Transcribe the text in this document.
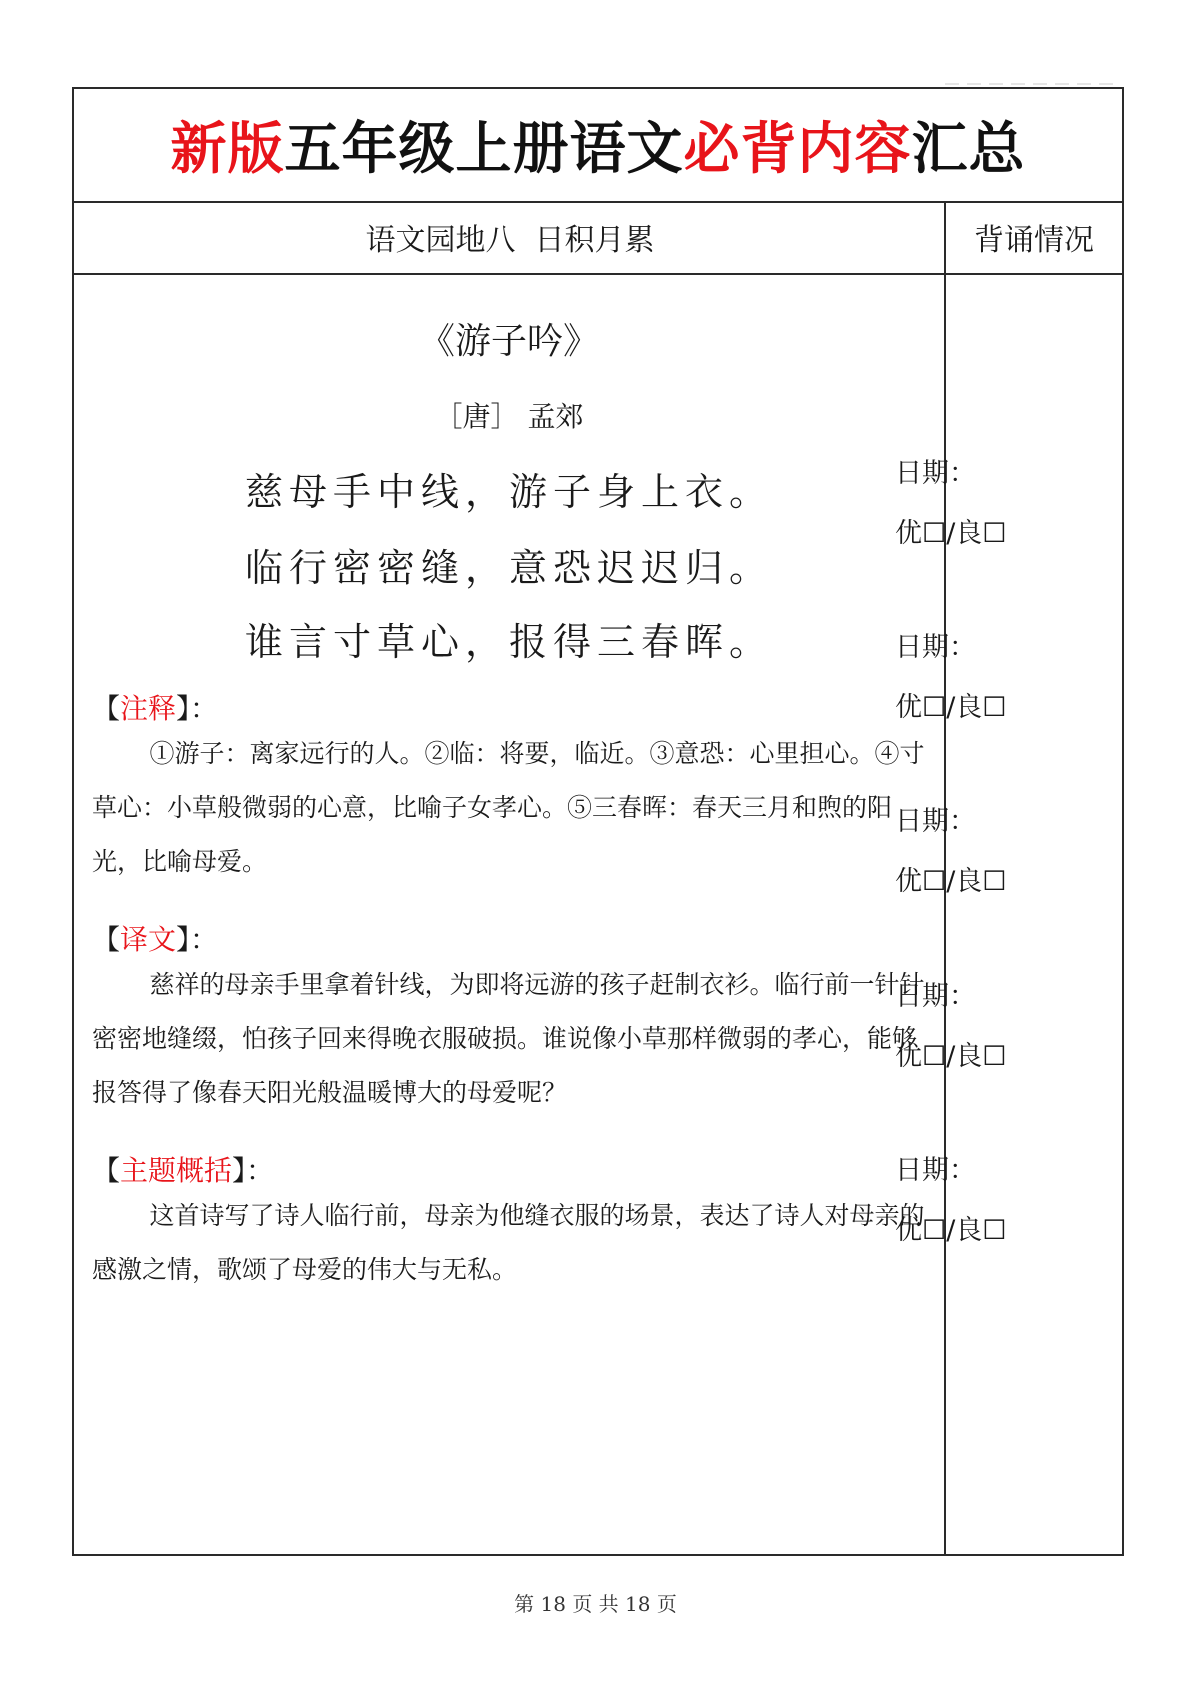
新版 五年级上册语文 必背内容 汇总
语文园地八  日积月累	背诵情况
《游子吟》
［唐］ 孟郊
慈母手中线，游子身上衣。
临行密密缝，意恐迟迟归。
谁言寸草心，报得三春晖。
【注释】：
①游子：离家远行的人。②临：将要，临近。③意恐：心里担心。④寸草心：小草般微弱的心意，比喻子女孝心。⑤三春晖：春天三月和煦的阳光，比喻母爱。
【译文】：
慈祥的母亲手里拿着针线，为即将远游的孩子赶制衣衫。临行前一针针密密地缝缀，怕孩子回来得晚衣服破损。谁说像小草那样微弱的孝心，能够报答得了像春天阳光般温暖博大的母爱呢？
【主题概括】：
这首诗写了诗人临行前，母亲为他缝衣服的场景，表达了诗人对母亲的感激之情，歌颂了母爱的伟大与无私。
日期：
优☐/良☐
日期：
优☐/良☐
日期：
优☐/良☐
日期：
优☐/良☐
日期：
优☐/良☐
第 18 页 共 18 页
